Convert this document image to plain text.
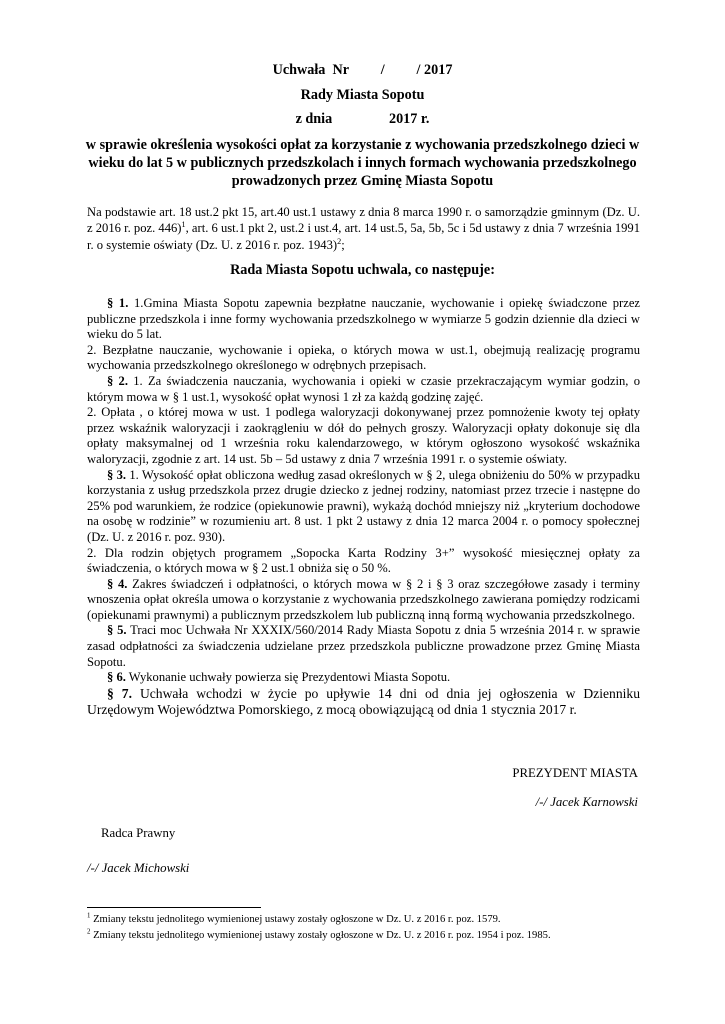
Uchwała  Nr         /         / 2017
Rady Miasta Sopotu
z dnia                2017 r.
w sprawie określenia wysokości opłat za korzystanie z wychowania przedszkolnego dzieci w wieku do lat 5 w publicznych przedszkolach i innych formach wychowania przedszkolnego prowadzonych przez Gminę Miasta Sopotu
Na podstawie art. 18 ust.2 pkt 15, art.40 ust.1 ustawy z dnia 8 marca 1990 r. o samorządzie gminnym (Dz. U. z 2016 r. poz. 446)$^1$, art. 6 ust.1 pkt 2, ust.2 i ust.4, art. 14 ust.5, 5a, 5b, 5c i 5d ustawy z dnia 7 września 1991 r. o systemie oświaty (Dz. U. z 2016 r. poz. 1943)$^2$;
Rada Miasta Sopotu uchwala, co następuje:

§ 1. 1.Gmina Miasta Sopotu zapewnia bezpłatne nauczanie, wychowanie i opiekę świadczone przez publiczne przedszkola i inne formy wychowania przedszkolnego w wymiarze 5 godzin dziennie dla dzieci w wieku do 5 lat.

2. Bezpłatne nauczanie, wychowanie i opieka, o których mowa w ust.1, obejmują realizację programu wychowania przedszkolnego określonego w odrębnych przepisach.

§ 2. 1. Za świadczenia nauczania, wychowania i opieki w czasie przekraczającym wymiar godzin, o którym mowa w § 1 ust.1, wysokość opłat wynosi 1 zł za każdą godzinę zajęć.

2. Opłata , o której mowa w ust. 1 podlega waloryzacji dokonywanej przez pomnożenie kwoty tej opłaty przez wskaźnik waloryzacji i zaokrągleniu w dół do pełnych groszy. Waloryzacji opłaty dokonuje się dla opłaty maksymalnej od 1 września roku kalendarzowego, w którym ogłoszono wysokość wskaźnika waloryzacji, zgodnie z art. 14 ust. 5b – 5d ustawy z dnia 7 września 1991 r. o systemie oświaty.

§ 3. 1. Wysokość opłat obliczona według zasad określonych w § 2, ulega obniżeniu do 50% w przypadku korzystania z usług przedszkola przez drugie dziecko z jednej rodziny, natomiast przez trzecie i następne do 25% pod warunkiem, że rodzice (opiekunowie prawni), wykażą dochód mniejszy niż „kryterium dochodowe na osobę w rodzinie” w rozumieniu art. 8 ust. 1 pkt 2 ustawy z dnia 12 marca 2004 r. o pomocy społecznej (Dz. U. z 2016 r. poz. 930).

2. Dla rodzin objętych programem „Sopocka Karta Rodziny 3+” wysokość miesięcznej opłaty za świadczenia, o których mowa w § 2 ust.1 obniża się o 50 %.

§ 4. Zakres świadczeń i odpłatności, o których mowa w § 2 i § 3 oraz szczegółowe zasady i terminy wnoszenia opłat określa umowa o korzystanie z wychowania przedszkolnego zawierana pomiędzy rodzicami (opiekunami prawnymi) a publicznym przedszkolem lub publiczną inną formą wychowania przedszkolnego.

§ 5. Traci moc Uchwała Nr XXXIX/560/2014 Rady Miasta Sopotu z dnia 5 września 2014 r. w sprawie zasad odpłatności za świadczenia udzielane przez przedszkola publiczne prowadzone przez Gminę Miasta Sopotu.

§ 6. Wykonanie uchwały powierza się Prezydentowi Miasta Sopotu.

§ 7. Uchwała wchodzi w życie po upływie 14 dni od dnia jej ogłoszenia w Dzienniku Urzędowym Województwa Pomorskiego, z mocą obowiązującą od dnia 1 stycznia 2017 r.

PREZYDENT MIASTA
/-/ Jacek Karnowski
Radca Prawny
/-/ Jacek Michowski
$^1$ Zmiany tekstu jednolitego wymienionej ustawy zostały ogłoszone w Dz. U. z 2016 r. poz. 1579.
$^2$ Zmiany tekstu jednolitego wymienionej ustawy zostały ogłoszone w Dz. U. z 2016 r. poz. 1954 i poz. 1985.
